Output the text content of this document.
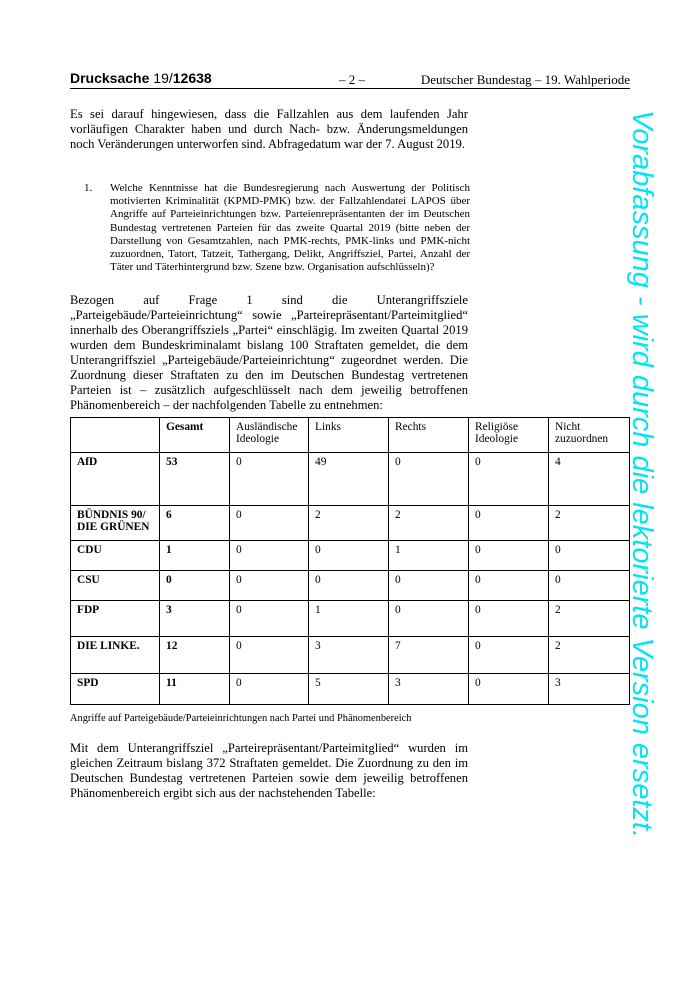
Drucksache 19/12638	– 2 –	Deutscher Bundestag – 19. Wahlperiode
Es sei darauf hingewiesen, dass die Fallzahlen aus dem laufenden Jahr vorläufigen Charakter haben und durch Nach- bzw. Änderungsmeldungen noch Veränderungen unterworfen sind. Abfragedatum war der 7. August 2019.
1. Welche Kenntnisse hat die Bundesregierung nach Auswertung der Politisch motivierten Kriminalität (KPMD-PMK) bzw. der Fallzahlendatei LAPOS über Angriffe auf Parteieinrichtungen bzw. Parteienrepräsentanten der im Deutschen Bundestag vertretenen Parteien für das zweite Quartal 2019 (bitte neben der Darstellung von Gesamtzahlen, nach PMK-rechts, PMK-links und PMK-nicht zuzuordnen, Tatort, Tatzeit, Tathergang, Delikt, Angriffsziel, Partei, Anzahl der Täter und Täterhintergrund bzw. Szene bzw. Organisation aufschlüsseln)?
Bezogen auf Frage 1 sind die Unterangriffsziele „Parteigebäude/Parteieinrichtung“ sowie „Parteirepräsentant/Parteimitglied“ innerhalb des Oberangriffsziels „Partei“ einschlägig. Im zweiten Quartal 2019 wurden dem Bundeskriminalamt bislang 100 Straftaten gemeldet, die dem Unterangriffsziel „Parteigebäude/Parteieinrichtung“ zugeordnet werden. Die Zuordnung dieser Straftaten zu den im Deutschen Bundestag vertretenen Parteien ist – zusätzlich aufgeschlüsselt nach dem jeweilig betroffenen Phänomenbereich – der nachfolgenden Tabelle zu entnehmen:
	Gesamt	Ausländische Ideologie	Links	Rechts	Religiöse Ideologie	Nicht zuzuordnen
AfD	53	0	49	0	0	4
BÜNDNIS 90/ DIE GRÜNEN	6	0	2	2	0	2
CDU	1	0	0	1	0	0
CSU	0	0	0	0	0	0
FDP	3	0	1	0	0	2
DIE LINKE.	12	0	3	7	0	2
SPD	11	0	5	3	0	3
Angriffe auf Parteigebäude/Parteieinrichtungen nach Partei und Phänomenbereich
Mit dem Unterangriffsziel „Parteirepräsentant/Parteimitglied“ wurden im gleichen Zeitraum bislang 372 Straftaten gemeldet. Die Zuordnung zu den im Deutschen Bundestag vertretenen Parteien sowie dem jeweilig betroffenen Phänomenbereich ergibt sich aus der nachstehenden Tabelle:	Vorabfassung - wird durch die lektorierte Version ersetzt.
